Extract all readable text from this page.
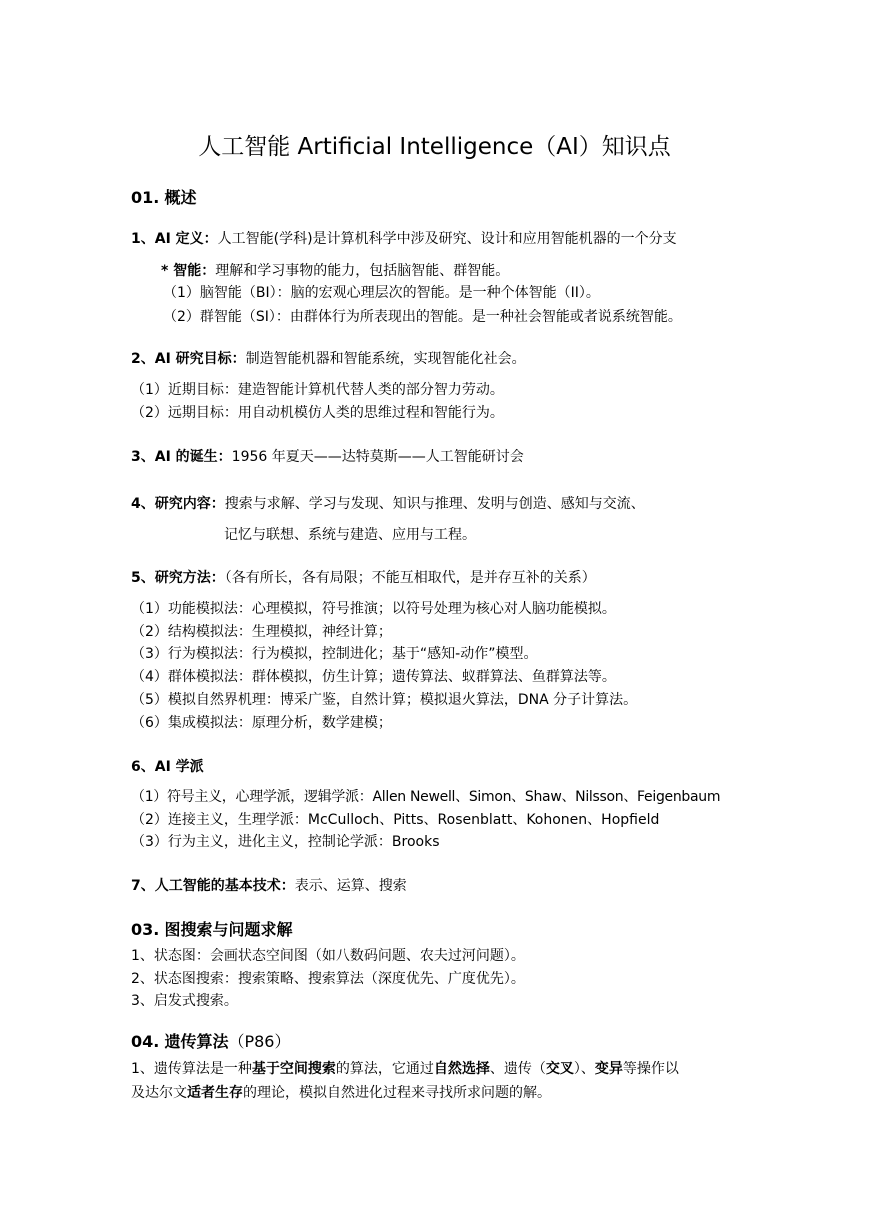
人工智能 Artificial Intelligence（AI）知识点
01. 概述
1、AI 定义：人工智能(学科)是计算机科学中涉及研究、设计和应用智能机器的一个分支
* 智能：理解和学习事物的能力，包括脑智能、群智能。
（1）脑智能（BI）：脑的宏观心理层次的智能。是一种个体智能（II）。
（2）群智能（SI）：由群体行为所表现出的智能。是一种社会智能或者说系统智能。
2、AI 研究目标：制造智能机器和智能系统，实现智能化社会。
（1）近期目标：建造智能计算机代替人类的部分智力劳动。
（2）远期目标：用自动机模仿人类的思维过程和智能行为。
3、AI 的诞生：1956 年夏天——达特莫斯——人工智能研讨会
4、研究内容：搜索与求解、学习与发现、知识与推理、发明与创造、感知与交流、
记忆与联想、系统与建造、应用与工程。
5、研究方法：（各有所长，各有局限；不能互相取代，是并存互补的关系）
（1）功能模拟法：心理模拟，符号推演；以符号处理为核心对人脑功能模拟。
（2）结构模拟法：生理模拟，神经计算；
（3）行为模拟法：行为模拟，控制进化；基于“感知-动作”模型。
（4）群体模拟法：群体模拟，仿生计算；遗传算法、蚁群算法、鱼群算法等。
（5）模拟自然界机理：博采广鉴，自然计算；模拟退火算法，DNA 分子计算法。
（6）集成模拟法：原理分析，数学建模；
6、AI 学派
（1）符号主义，心理学派，逻辑学派：Allen Newell、Simon、Shaw、Nilsson、Feigenbaum
（2）连接主义，生理学派：McCulloch、Pitts、Rosenblatt、Kohonen、Hopfield
（3）行为主义，进化主义，控制论学派：Brooks
7、人工智能的基本技术：表示、运算、搜索
03. 图搜索与问题求解
1、状态图：会画状态空间图（如八数码问题、农夫过河问题）。
2、状态图搜索：搜索策略、搜索算法（深度优先、广度优先）。
3、启发式搜索。
04. 遗传算法（P86）
1、遗传算法是一种基于空间搜索的算法，它通过自然选择、遗传（交叉）、变异等操作以
及达尔文适者生存的理论，模拟自然进化过程来寻找所求问题的解。
